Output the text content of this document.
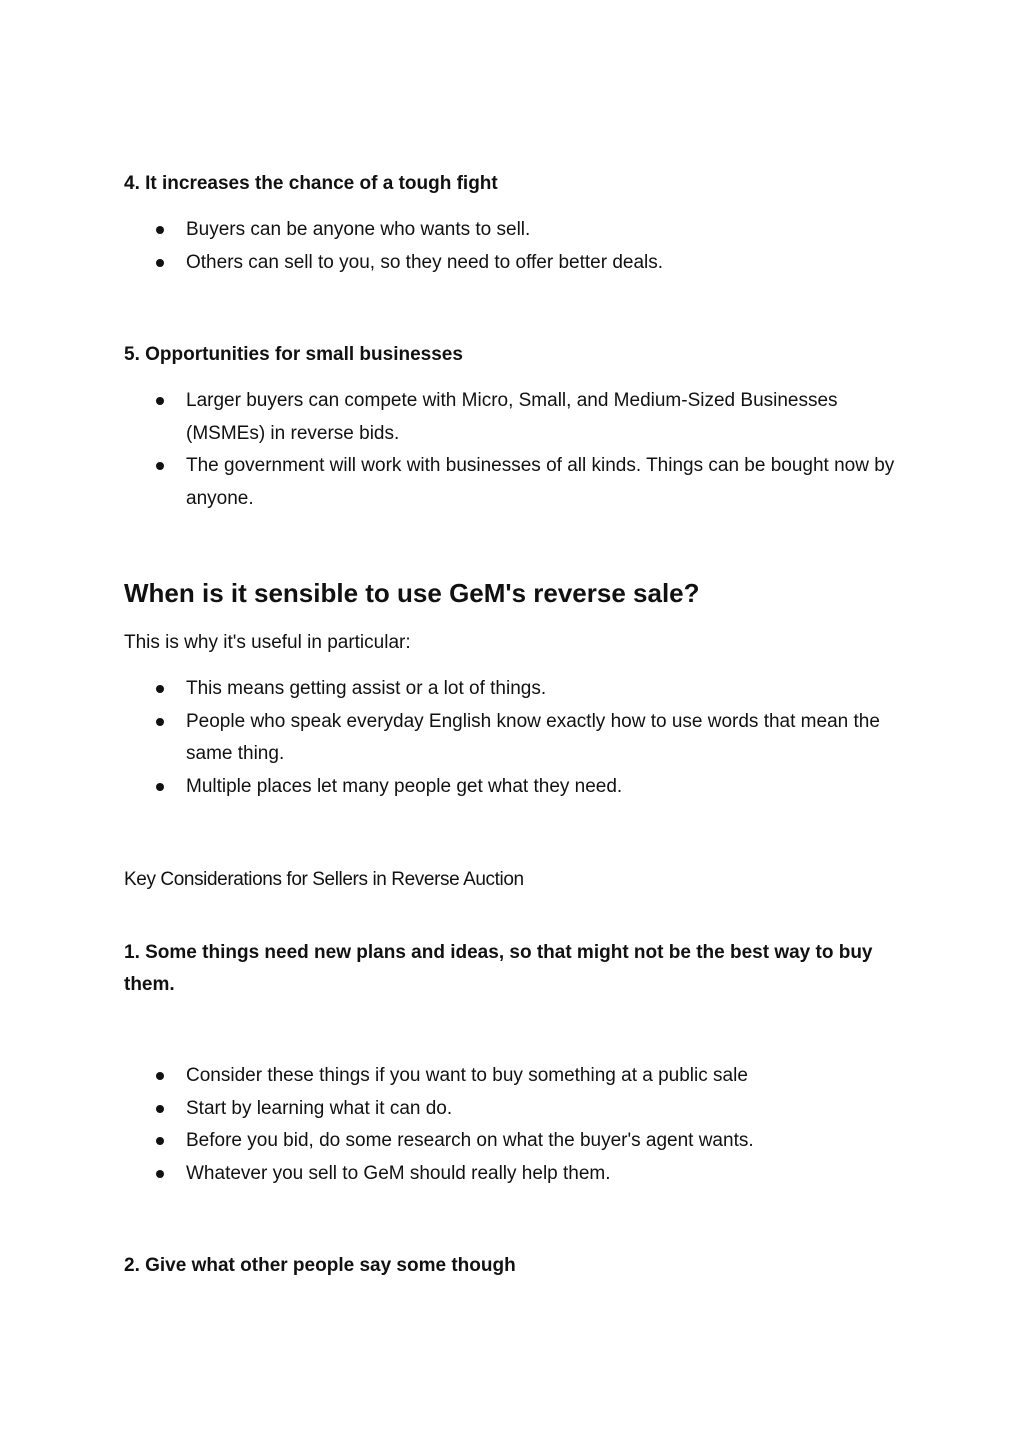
4. It increases the chance of a tough fight
Buyers can be anyone who wants to sell.
Others can sell to you, so they need to offer better deals.
5. Opportunities for small businesses
Larger buyers can compete with Micro, Small, and Medium-Sized Businesses (MSMEs) in reverse bids.
The government will work with businesses of all kinds. Things can be bought now by anyone.
When is it sensible to use GeM's reverse sale?

This is why it's useful in particular:

This means getting assist or a lot of things.
People who speak everyday English know exactly how to use words that mean the same thing.
Multiple places let many people get what they need.
Key Considerations for Sellers in Reverse Auction

1. Some things need new plans and ideas, so that might not be the best way to buy them.

Consider these things if you want to buy something at a public sale
Start by learning what it can do.
Before you bid, do some research on what the buyer's agent wants.
Whatever you sell to GeM should really help them.

2. Give what other people say some though
